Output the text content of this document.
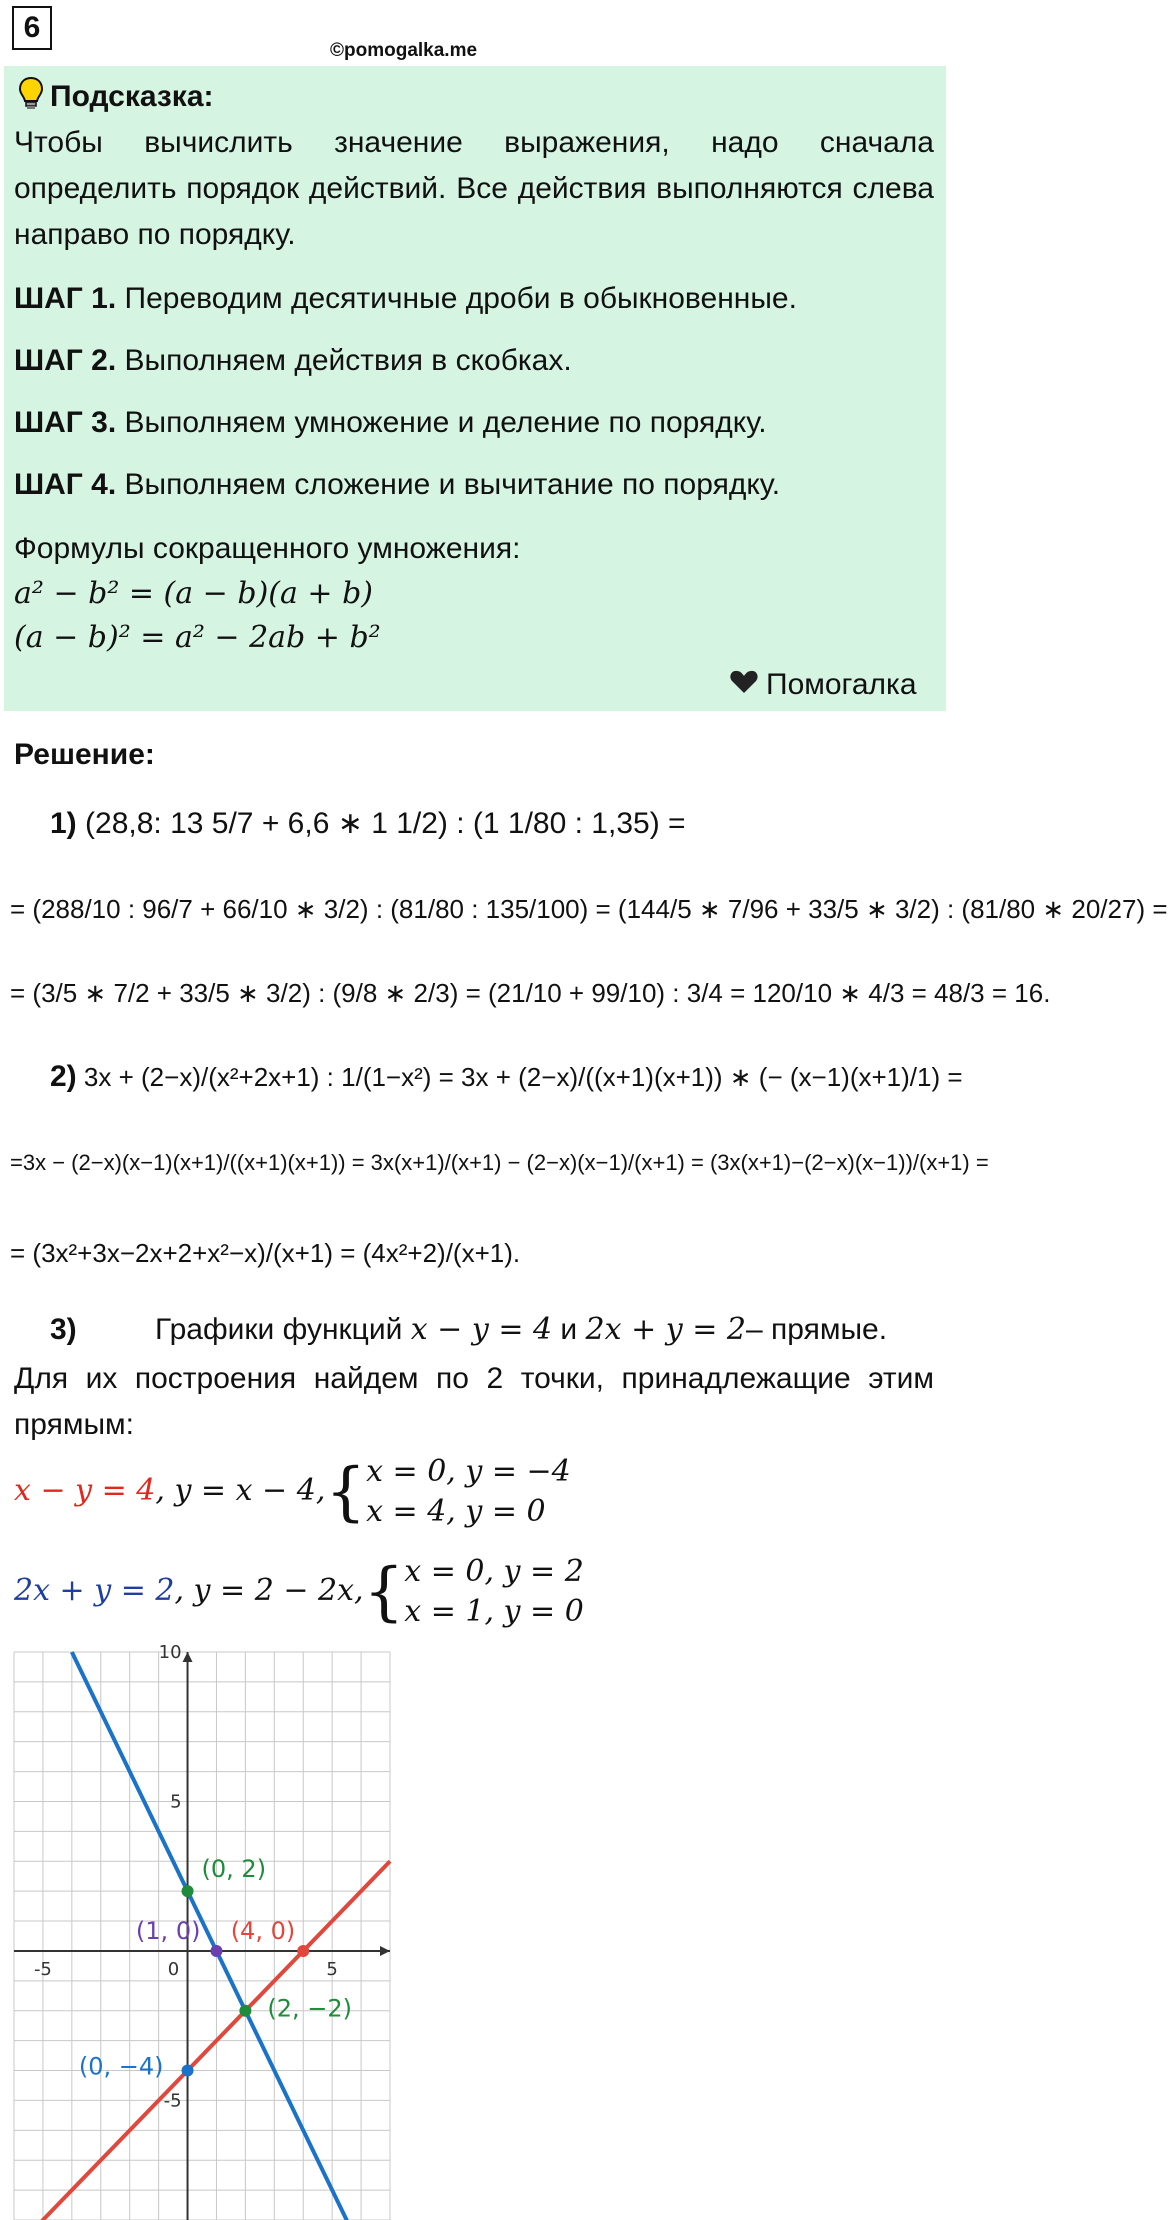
6
©pomogalka.me
Подсказка:
Чтобы вычислить значение выражения, надо сначала определить порядок действий. Все действия выполняются слева направо по порядку.
ШАГ 1. Переводим десятичные дроби в обыкновенные.
ШАГ 2. Выполняем действия в скобках.
ШАГ 3. Выполняем умножение и деление по порядку.
ШАГ 4. Выполняем сложение и вычитание по порядку.
Формулы сокращенного умножения:
a² − b² = (a − b)(a + b)
(a − b)² = a² − 2ab + b²
Помогалка
Решение:
1) (28,8: 13 5/7 + 6,6 ∗ 1 1/2) : (1 1/80 : 1,35) =
= (288/10 : 96/7 + 66/10 ∗ 3/2) : (81/80 : 135/100) = (144/5 ∗ 7/96 + 33/5 ∗ 3/2) : (81/80 ∗ 20/27) =
= (3/5 ∗ 7/2 + 33/5 ∗ 3/2) : (9/8 ∗ 2/3) = (21/10 + 99/10) : 3/4 = 120/10 ∗ 4/3 = 48/3 = 16.
2) 3x + (2−x)/(x²+2x+1) : 1/(1−x²) = 3x + (2−x)/((x+1)(x+1)) ∗ (− (x−1)(x+1)/1) =
=3x − (2−x)(x−1)(x+1)/((x+1)(x+1)) = 3x(x+1)/(x+1) − (2−x)(x−1)/(x+1) = (3x(x+1)−(2−x)(x−1))/(x+1) =
= (3x²+3x−2x+2+x²−x)/(x+1) = (4x²+2)/(x+1).
3)	Графики функций x − y = 4 и 2x + y = 2– прямые.
Для их построения найдем по 2 точки, принадлежащие этим прямым:
x − y = 4, y = x − 4,{ x = 0, y = −4
x = 4, y = 0
2x + y = 2, y = 2 − 2x,{ x = 0, y = 2
x = 1, y = 0
-5	0	5
10
5
-5
(0, 2)
(1, 0) (4, 0)
(2, −2)
(0, −4)
